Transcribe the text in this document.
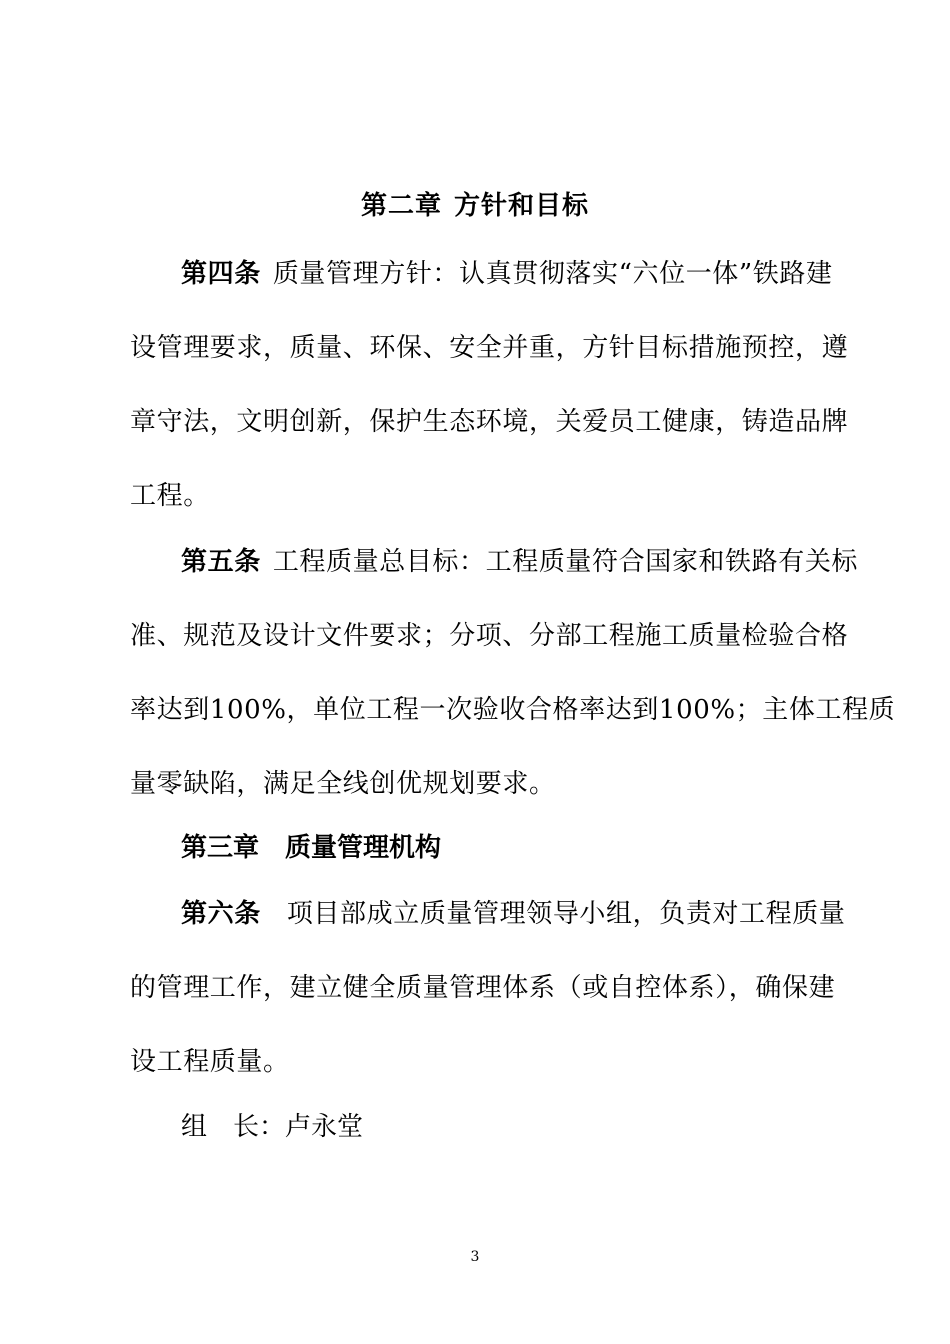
第二章 方针和目标
第四条 质量管理方针：认真贯彻落实“六位一体”铁路建
设管理要求，质量、环保、安全并重，方针目标措施预控，遵
章守法，文明创新，保护生态环境，关爱员工健康，铸造品牌
工程。
第五条 工程质量总目标：工程质量符合国家和铁路有关标
准、规范及设计文件要求；分项、分部工程施工质量检验合格
率达到100%，单位工程一次验收合格率达到100%；主体工程质
量零缺陷，满足全线创优规划要求。
第三章 质量管理机构
第六条 项目部成立质量管理领导小组，负责对工程质量
的管理工作，建立健全质量管理体系（或自控体系），确保建
设工程质量。
组 长：卢永堂
3
